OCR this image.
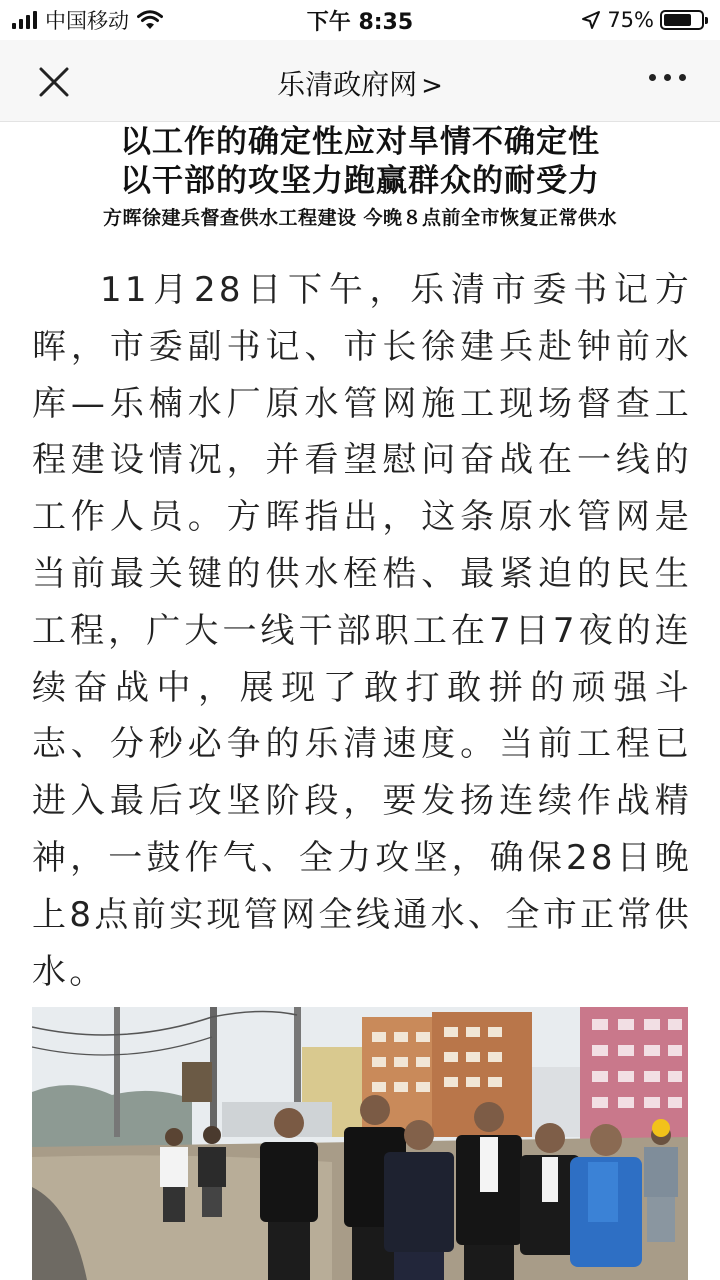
中国移动	下午 8:35	75%
乐清政府网 >
以工作的确定性应对旱情不确定性
以干部的攻坚力跑赢群众的耐受力
方晖徐建兵督查供水工程建设 今晚８点前全市恢复正常供水

11月28日下午，乐清市委书记方晖，市委副书记、市长徐建兵赴钟前水库—乐楠水厂原水管网施工现场督查工程建设情况，并看望慰问奋战在一线的工作人员。方晖指出，这条原水管网是当前最关键的供水桎梏、最紧迫的民生工程，广大一线干部职工在7日7夜的连续奋战中，展现了敢打敢拼的顽强斗志、分秒必争的乐清速度。当前工程已进入最后攻坚阶段，要发扬连续作战精神，一鼓作气、全力攻坚，确保28日晚上8点前实现管网全线通水、全市正常供水。
